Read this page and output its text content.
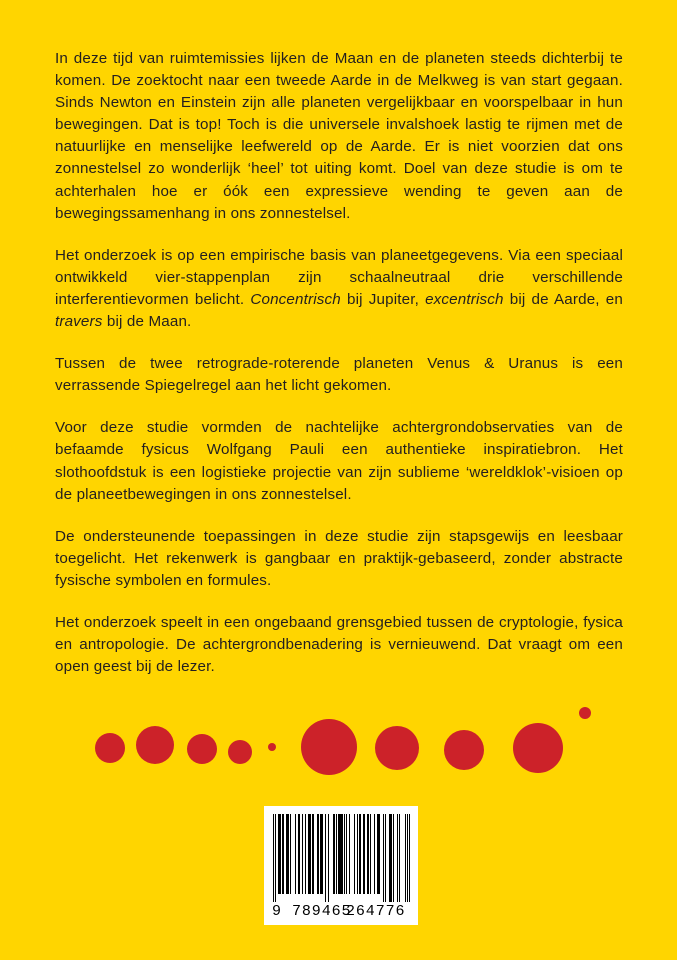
In deze tijd van ruimtemissies lijken de Maan en de planeten steeds dichterbij te komen. De zoektocht naar een tweede Aarde in de Melkweg is van start gegaan. Sinds Newton en Einstein zijn alle planeten vergelijkbaar en voorspelbaar in hun bewegingen. Dat is top! Toch is die universele invalshoek lastig te rijmen met de natuurlijke en menselijke leefwereld op de Aarde. Er is niet voorzien dat ons zonnestelsel zo wonderlijk ‘heel’ tot uiting komt. Doel van deze studie is om te achterhalen hoe er óók een expressieve wending te geven aan de bewegingssamenhang in ons zonnestelsel.

Het onderzoek is op een empirische basis van planeetgegevens. Via een speciaal ontwikkeld vier-stappenplan zijn schaalneutraal drie verschillende interferentievormen belicht. Concentrisch bij Jupiter, excentrisch bij de Aarde, en travers bij de Maan.

Tussen de twee retrograde-roterende planeten Venus & Uranus is een verrassende Spiegelregel aan het licht gekomen.

Voor deze studie vormden de nachtelijke achtergrondobservaties van de befaamde fysicus Wolfgang Pauli een authentieke inspiratiebron. Het slothoofdstuk is een logistieke projectie van zijn sublieme ‘wereldklok’-visioen op de planeetbewegingen in ons zonnestelsel.

De ondersteunende toepassingen in deze studie zijn stapsgewijs en leesbaar toegelicht. Het rekenwerk is gangbaar en praktijk-gebaseerd, zonder abstracte fysische symbolen en formules.

Het onderzoek speelt in een ongebaand grensgebied tussen de cryptologie, fysica en antropologie. De achtergrondbenadering is vernieuwend. Dat vraagt om een open geest bij de lezer.

9 789465
264776
